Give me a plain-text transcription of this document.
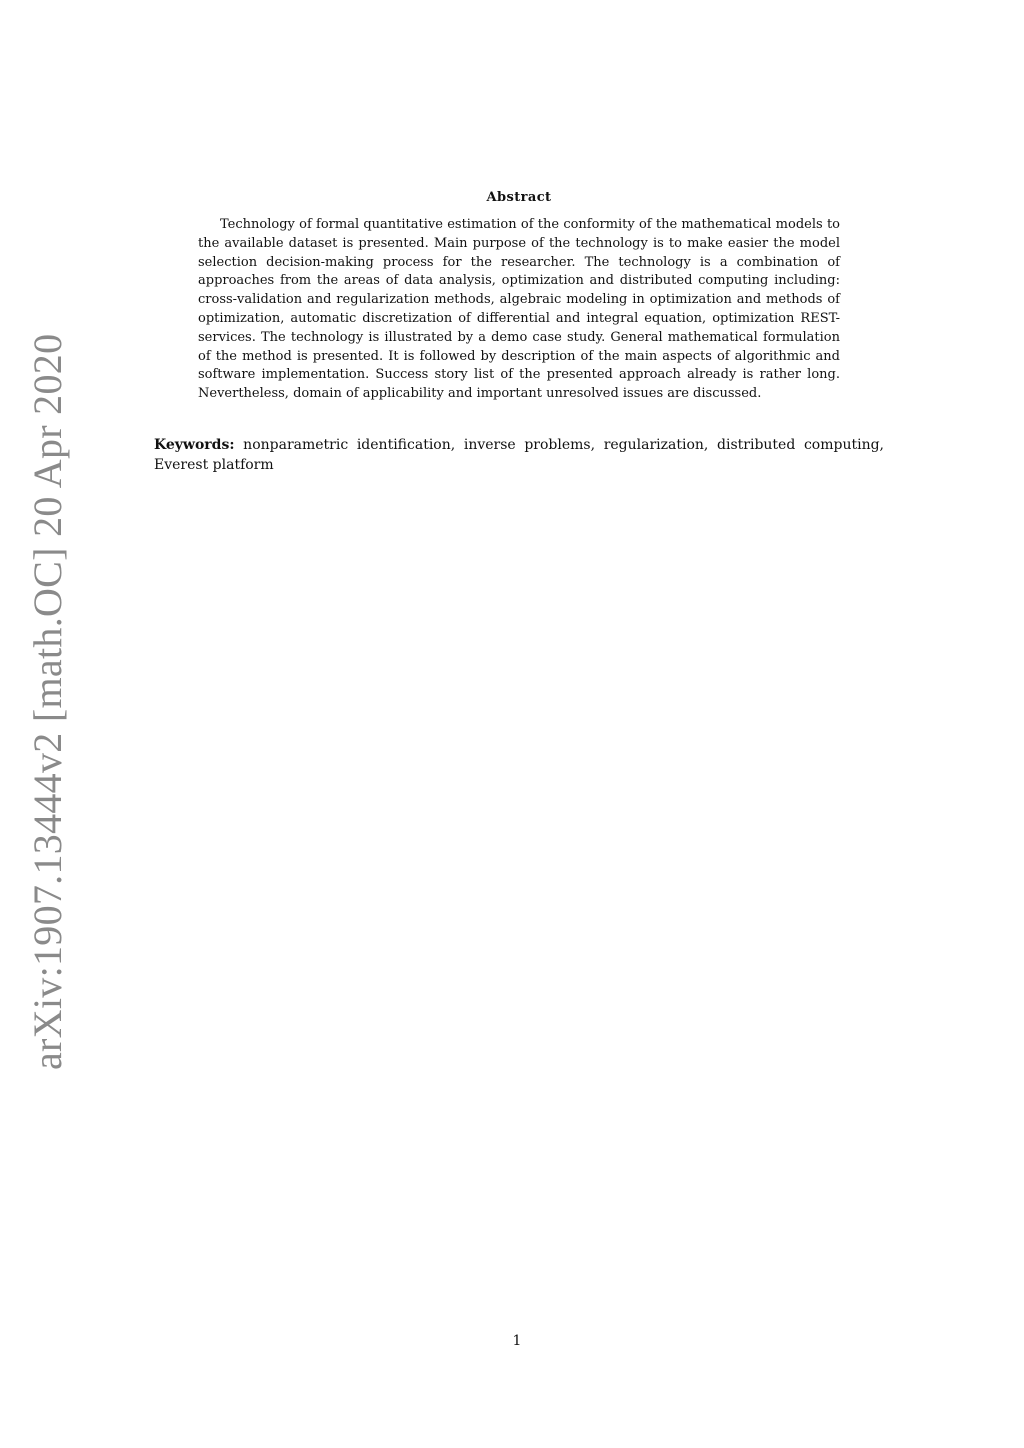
arXiv:1907.13444v2 [math.OC] 20 Apr 2020
Abstract

Technology of formal quantitative estimation of the conformity of the mathematical models to the available dataset is presented. Main purpose of the technology is to make easier the model selection decision-making process for the researcher. The technology is a combination of approaches from the areas of data analysis, optimization and distributed computing including: cross-validation and regularization methods, algebraic modeling in optimization and methods of optimization, automatic discretization of differential and integral equation, optimization REST-services. The technology is illustrated by a demo case study. General mathematical formulation of the method is presented. It is followed by description of the main aspects of algorithmic and software implementation. Success story list of the presented approach already is rather long. Nevertheless, domain of applicability and important unresolved issues are discussed.

Keywords: nonparametric identification, inverse problems, regularization, distributed computing, Everest platform
1
